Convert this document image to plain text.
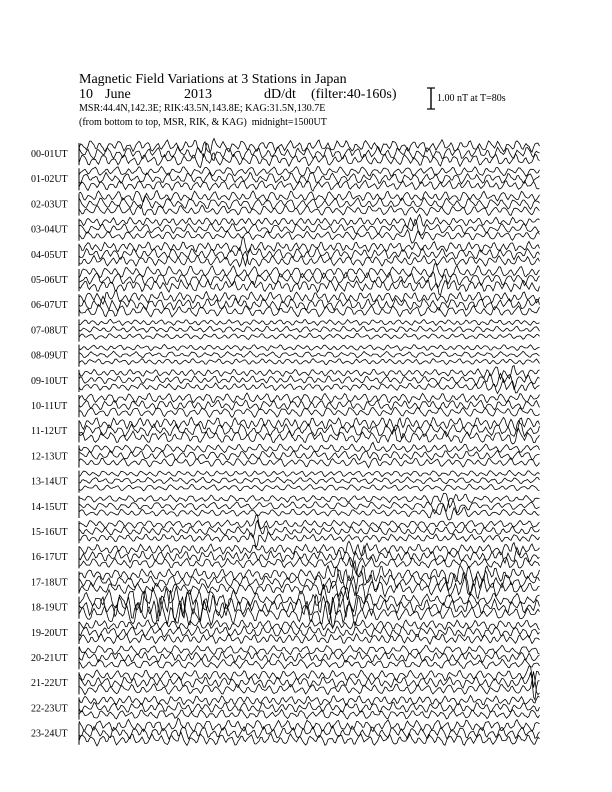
Magnetic Field Variations at 3 Stations in Japan
10 June	2013	dD/dt (filter:40-160s)
MSR:44.4N,142.3E; RIK:43.5N,143.8E; KAG:31.5N,130.7E
(from bottom to top, MSR, RIK, & KAG) midnight=1500UT
1.00 nT at T=80s
00-01UT
01-02UT
02-03UT
03-04UT
04-05UT
05-06UT
06-07UT
07-08UT
08-09UT
09-10UT
10-11UT
11-12UT
12-13UT
13-14UT
14-15UT
15-16UT
16-17UT
17-18UT
18-19UT
19-20UT
20-21UT
21-22UT
22-23UT
23-24UT
